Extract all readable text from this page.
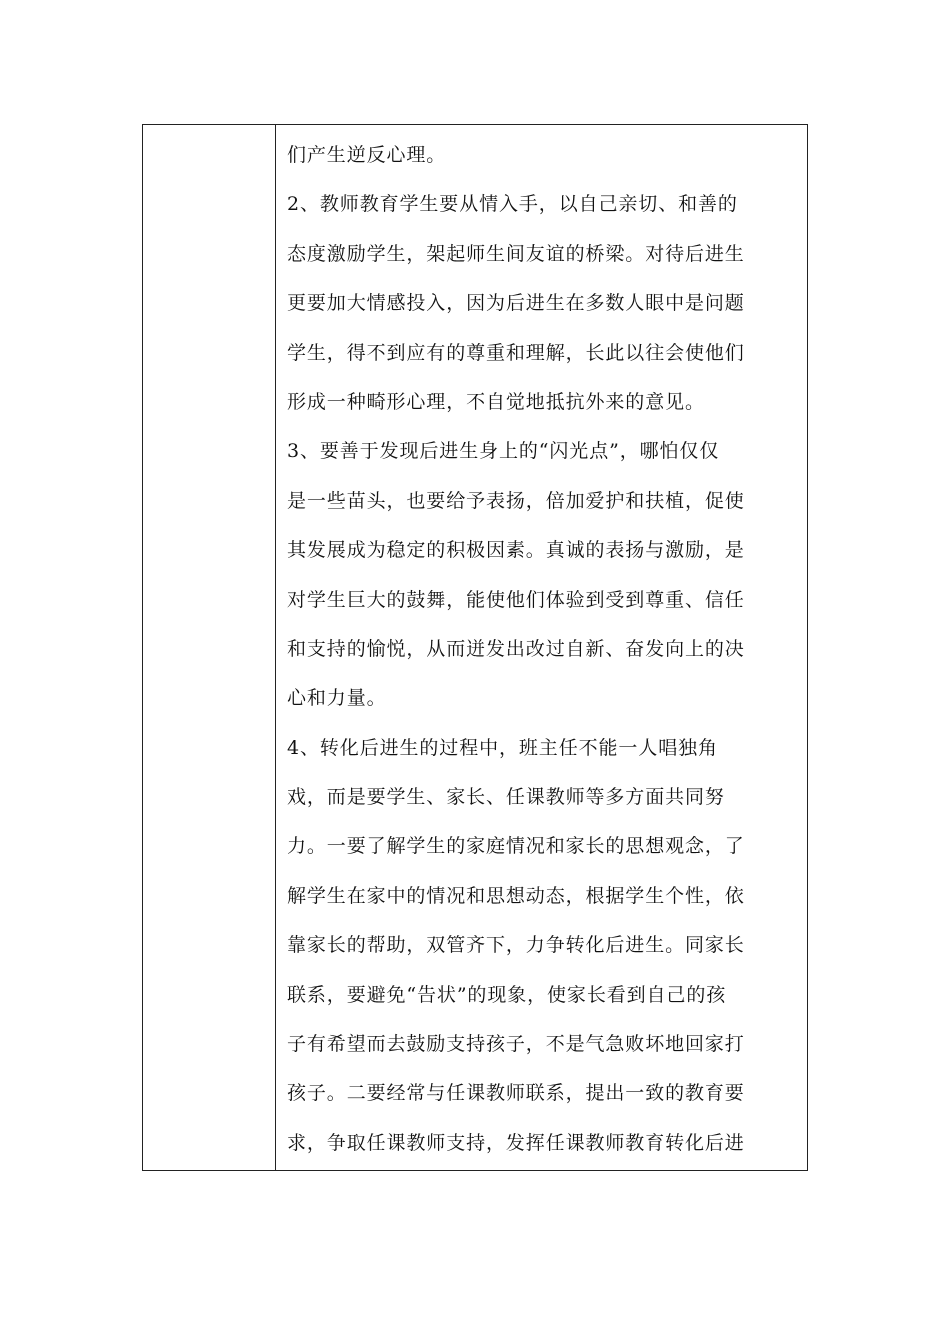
们产生逆反心理。
2、教师教育学生要从情入手，以自己亲切、和善的
态度激励学生，架起师生间友谊的桥梁。对待后进生
更要加大情感投入，因为后进生在多数人眼中是问题
学生，得不到应有的尊重和理解，长此以往会使他们
形成一种畸形心理，不自觉地抵抗外来的意见。
3、要善于发现后进生身上的“闪光点”，哪怕仅仅
是一些苗头，也要给予表扬，倍加爱护和扶植，促使
其发展成为稳定的积极因素。真诚的表扬与激励，是
对学生巨大的鼓舞，能使他们体验到受到尊重、信任
和支持的愉悦，从而迸发出改过自新、奋发向上的决
心和力量。
4、转化后进生的过程中，班主任不能一人唱独角
戏，而是要学生、家长、任课教师等多方面共同努
力。一要了解学生的家庭情况和家长的思想观念，了
解学生在家中的情况和思想动态，根据学生个性，依
靠家长的帮助，双管齐下，力争转化后进生。同家长
联系，要避免“告状”的现象，使家长看到自己的孩
子有希望而去鼓励支持孩子，不是气急败坏地回家打
孩子。二要经常与任课教师联系，提出一致的教育要
求，争取任课教师支持，发挥任课教师教育转化后进
